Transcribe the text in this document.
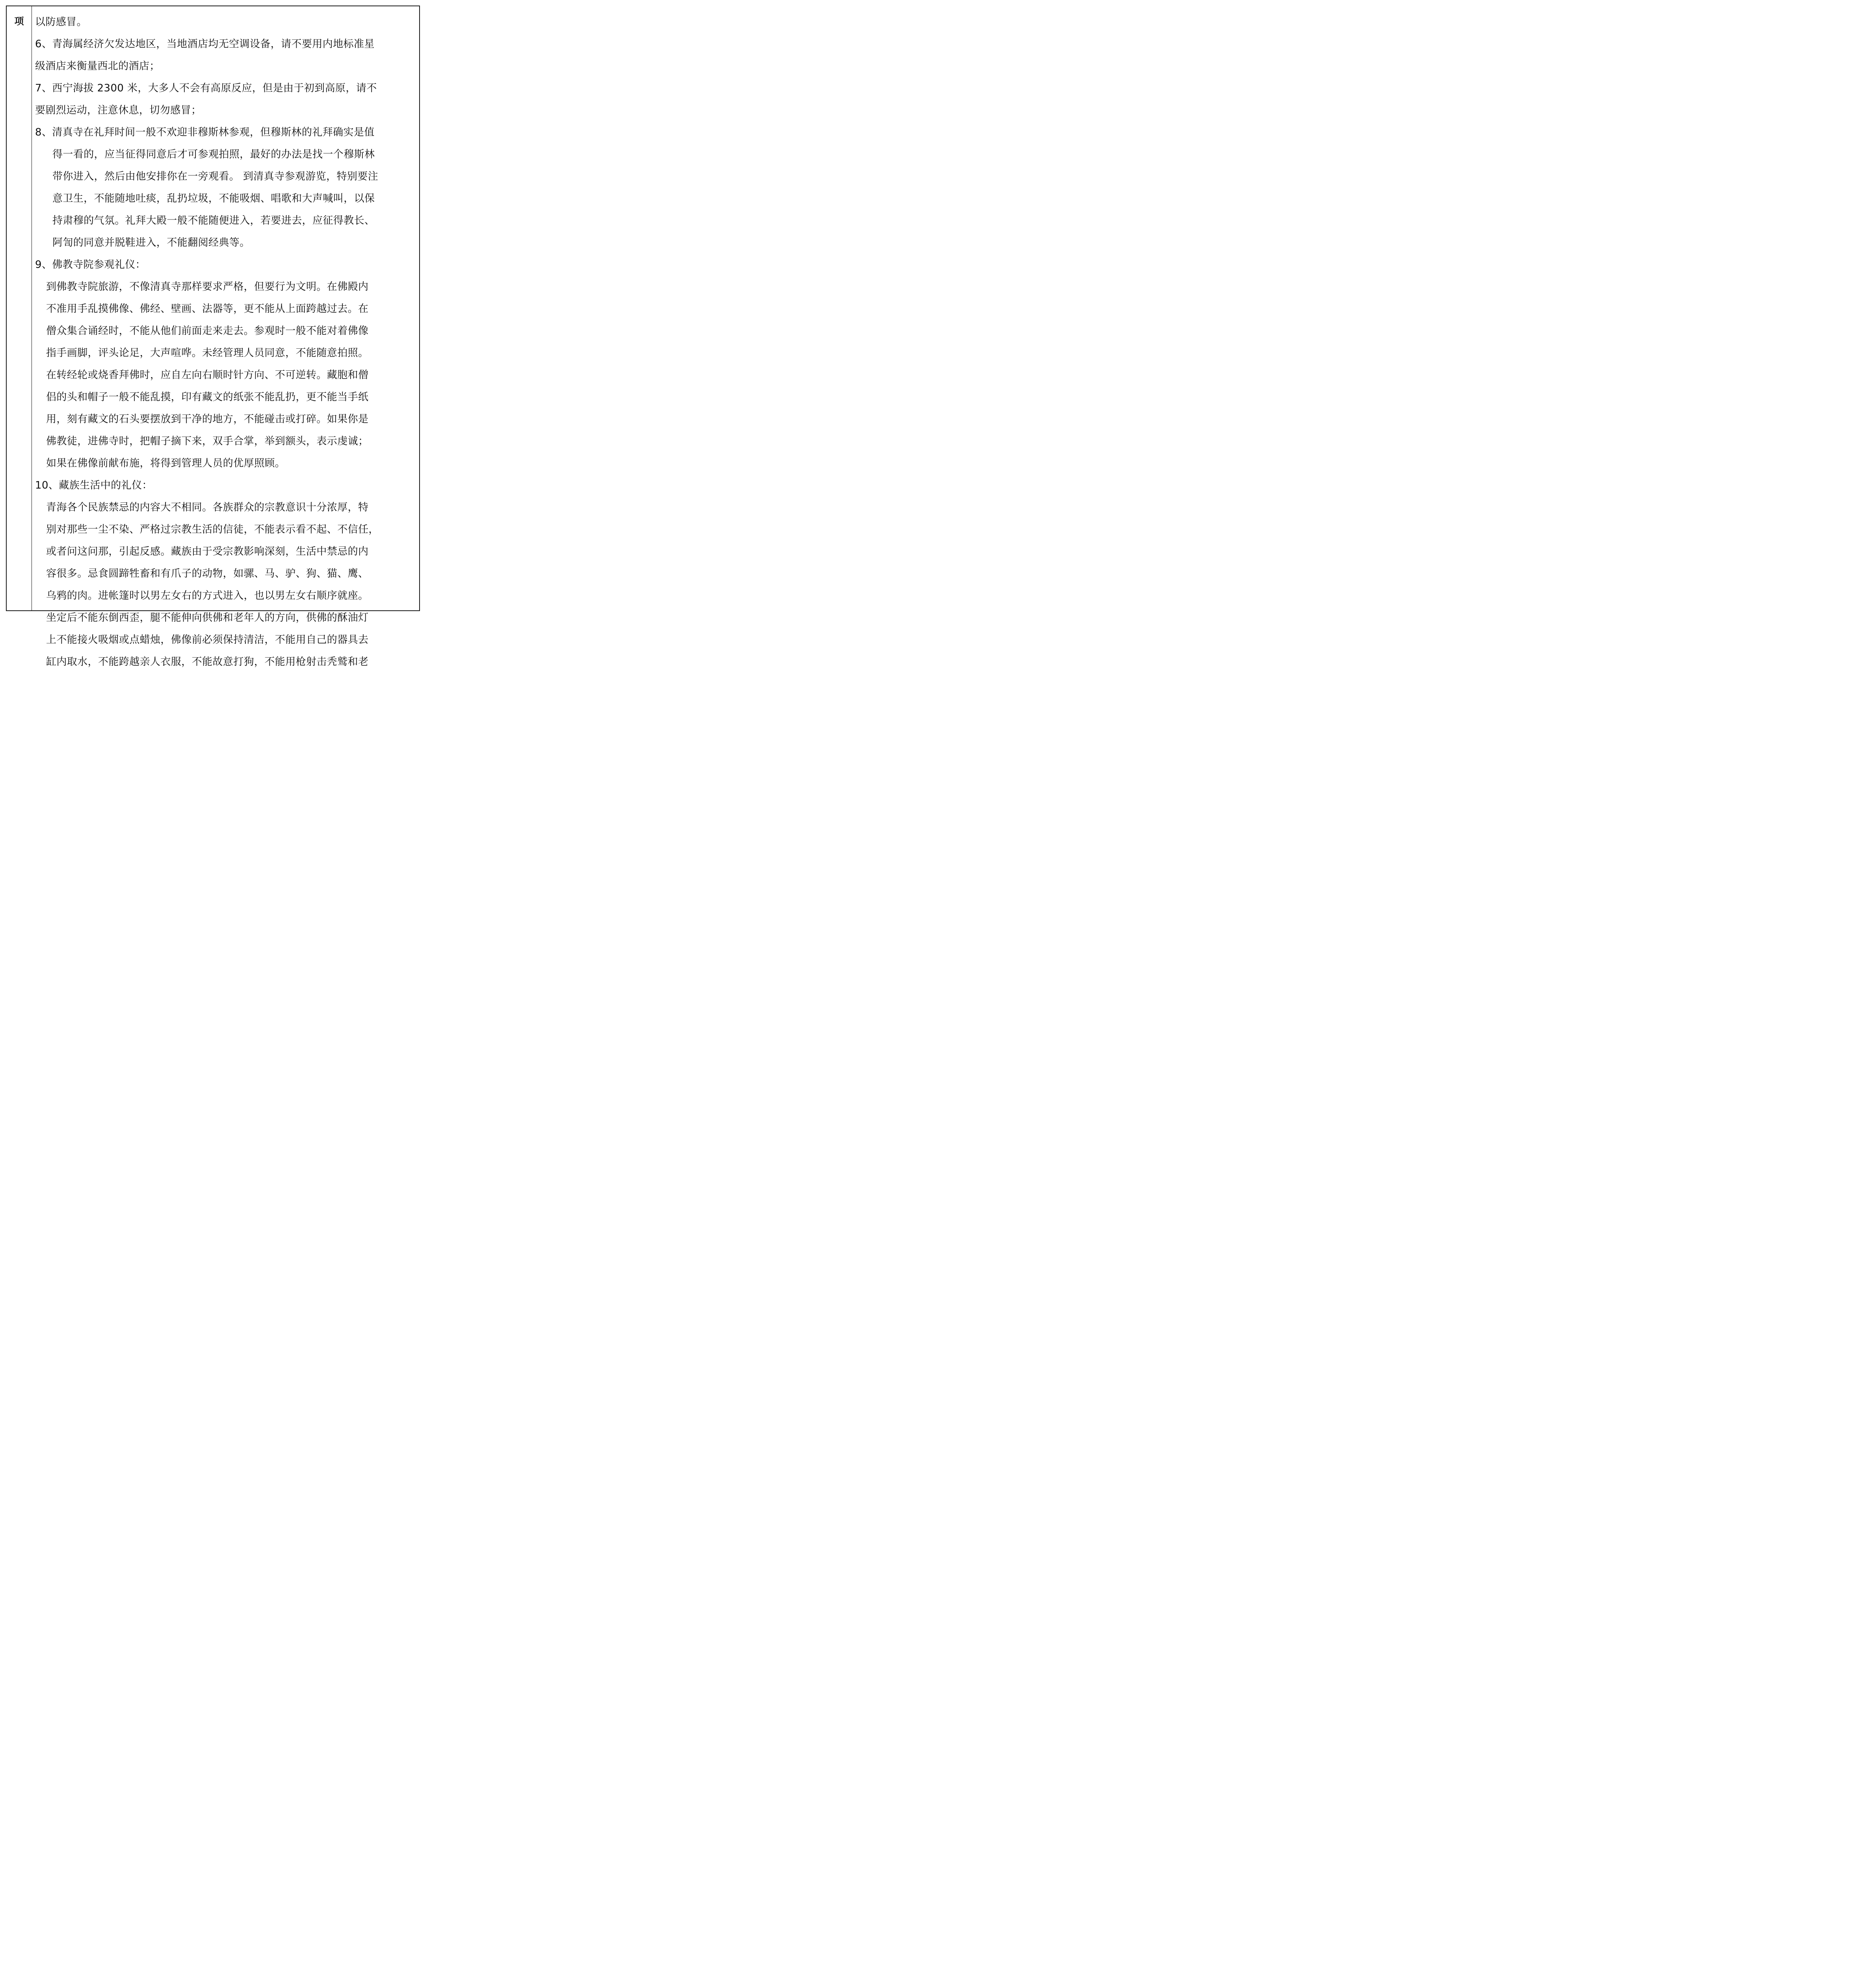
项	以防感冒。
6、青海属经济欠发达地区，当地酒店均无空调设备，请不要用内地标准星
级酒店来衡量西北的酒店；
7、西宁海拔 2300 米，大多人不会有高原反应，但是由于初到高原，请不
要剧烈运动，注意休息，切勿感冒；
8、清真寺在礼拜时间一般不欢迎非穆斯林参观，但穆斯林的礼拜确实是值
得一看的，应当征得同意后才可参观拍照，最好的办法是找一个穆斯林
带你进入，然后由他安排你在一旁观看。 到清真寺参观游览，特别要注
意卫生，不能随地吐痰，乱扔垃圾，不能吸烟、唱歌和大声喊叫，以保
持肃穆的气氛。礼拜大殿一般不能随便进入，若要进去，应征得教长、
阿訇的同意并脱鞋进入，不能翻阅经典等。
9、佛教寺院参观礼仪：
到佛教寺院旅游，不像清真寺那样要求严格，但要行为文明。在佛殿内
不准用手乱摸佛像、佛经、壁画、法器等，更不能从上面跨越过去。在
僧众集合诵经时，不能从他们前面走来走去。参观时一般不能对着佛像
指手画脚，评头论足，大声喧哗。未经管理人员同意，不能随意拍照。
在转经轮或烧香拜佛时，应自左向右顺时针方向、不可逆转。藏胞和僧
侣的头和帽子一般不能乱摸，印有藏文的纸张不能乱扔，更不能当手纸
用，刻有藏文的石头要摆放到干净的地方，不能碰击或打碎。如果你是
佛教徒，进佛寺时，把帽子摘下来，双手合掌，举到额头，表示虔诚；
如果在佛像前献布施，将得到管理人员的优厚照顾。
10、藏族生活中的礼仪：
青海各个民族禁忌的内容大不相同。各族群众的宗教意识十分浓厚，特
别对那些一尘不染、严格过宗教生活的信徒，不能表示看不起、不信任，
或者问这问那，引起反感。藏族由于受宗教影响深刻，生活中禁忌的内
容很多。忌食圆蹄牲畜和有爪子的动物，如骡、马、驴、狗、猫、鹰、
乌鸦的肉。进帐篷时以男左女右的方式进入，也以男左女右顺序就座。
坐定后不能东倒西歪，腿不能伸向供佛和老年人的方向，供佛的酥油灯
上不能接火吸烟或点蜡烛，佛像前必须保持清洁，不能用自己的器具去
缸内取水，不能跨越亲人衣服，不能故意打狗，不能用枪射击秃鹫和老
